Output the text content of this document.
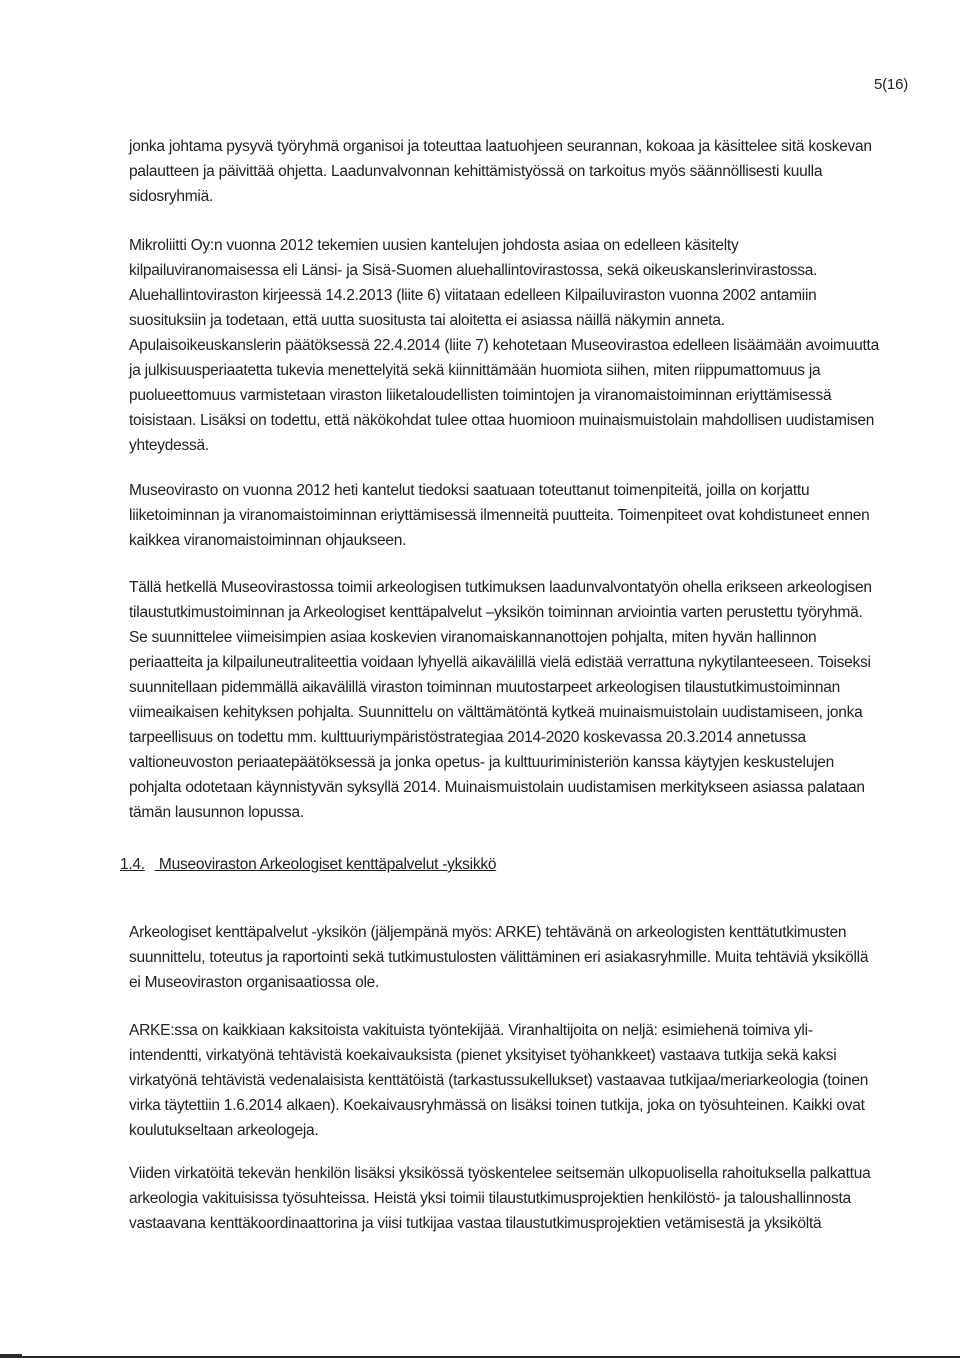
5(16)
jonka johtama pysyvä työryhmä organisoi ja toteuttaa laatuohjeen seurannan, kokoaa ja käsittelee sitä koskevan
palautteen ja päivittää ohjetta. Laadunvalvonnan kehittämistyössä on tarkoitus myös säännöllisesti kuulla
sidosryhmiä.
Mikroliitti Oy:n vuonna 2012 tekemien uusien kantelujen johdosta asiaa on edelleen käsitelty
kilpailuviranomaisessa eli Länsi- ja Sisä-Suomen aluehallintovirastossa, sekä oikeuskanslerinvirastossa.
Aluehallintoviraston kirjeessä 14.2.2013 (liite 6) viitataan edelleen Kilpailuviraston vuonna 2002 antamiin
suosituksiin ja todetaan, että uutta suositusta tai aloitetta ei asiassa näillä näkymin anneta.
Apulaisoikeuskanslerin päätöksessä 22.4.2014 (liite 7) kehotetaan Museovirastoa edelleen lisäämään avoimuutta
ja julkisuusperiaatetta tukevia menettelyitä sekä kiinnittämään huomiota siihen, miten riippumattomuus ja
puolueettomuus varmistetaan viraston liiketaloudellisten toimintojen ja viranomaistoiminnan eriyttämisessä
toisistaan. Lisäksi on todettu, että näkökohdat tulee ottaa huomioon muinaismuistolain mahdollisen uudistamisen
yhteydessä.
Museovirasto on vuonna 2012 heti kantelut tiedoksi saatuaan toteuttanut toimenpiteitä, joilla on korjattu
liiketoiminnan ja viranomaistoiminnan eriyttämisessä ilmenneitä puutteita. Toimenpiteet ovat kohdistuneet ennen
kaikkea viranomaistoiminnan ohjaukseen.
Tällä hetkellä Museovirastossa toimii arkeologisen tutkimuksen laadunvalvontatyön ohella erikseen arkeologisen
tilaustutkimustoiminnan ja Arkeologiset kenttäpalvelut –yksikön toiminnan arviointia varten perustettu työryhmä.
Se suunnittelee viimeisimpien asiaa koskevien viranomaiskannanottojen pohjalta, miten hyvän hallinnon
periaatteita ja kilpailuneutraliteettia voidaan lyhyellä aikavälillä vielä edistää verrattuna nykytilanteeseen. Toiseksi
suunnitellaan pidemmällä aikavälillä viraston toiminnan muutostarpeet arkeologisen tilaustutkimustoiminnan
viimeaikaisen kehityksen pohjalta. Suunnittelu on välttämätöntä kytkeä muinaismuistolain uudistamiseen, jonka
tarpeellisuus on todettu mm. kulttuuriympäristöstrategiaa 2014-2020 koskevassa 20.3.2014 annetussa
valtioneuvoston periaatepäätöksessä ja jonka opetus- ja kulttuuriministeriön kanssa käytyjen keskustelujen
pohjalta odotetaan käynnistyvän syksyllä 2014. Muinaismuistolain uudistamisen merkitykseen asiassa palataan
tämän lausunnon lopussa.
1.4. Museoviraston Arkeologiset kenttäpalvelut -yksikkö
Arkeologiset kenttäpalvelut -yksikön (jäljempänä myös: ARKE) tehtävänä on arkeologisten kenttätutkimusten
suunnittelu, toteutus ja raportointi sekä tutkimustulosten välittäminen eri asiakasryhmille. Muita tehtäviä yksiköllä
ei Museoviraston organisaatiossa ole.
ARKE:ssa on kaikkiaan kaksitoista vakituista työntekijää. Viranhaltijoita on neljä: esimiehenä toimiva yli-
intendentti, virkatyönä tehtävistä koekaivauksista (pienet yksityiset työhankkeet) vastaava tutkija sekä kaksi
virkatyönä tehtävistä vedenalaisista kenttätöistä (tarkastussukellukset) vastaavaa tutkijaa/meriarkeologia (toinen
virka täytettiin 1.6.2014 alkaen). Koekaivausryhmässä on lisäksi toinen tutkija, joka on työsuhteinen. Kaikki ovat
koulutukseltaan arkeologeja.
Viiden virkatöitä tekevän henkilön lisäksi yksikössä työskentelee seitsemän ulkopuolisella rahoituksella palkattua
arkeologia vakituisissa työsuhteissa. Heistä yksi toimii tilaustutkimusprojektien henkilöstö- ja taloushallinnosta
vastaavana kenttäkoordinaattorina ja viisi tutkijaa vastaa tilaustutkimusprojektien vetämisestä ja yksiköltä
